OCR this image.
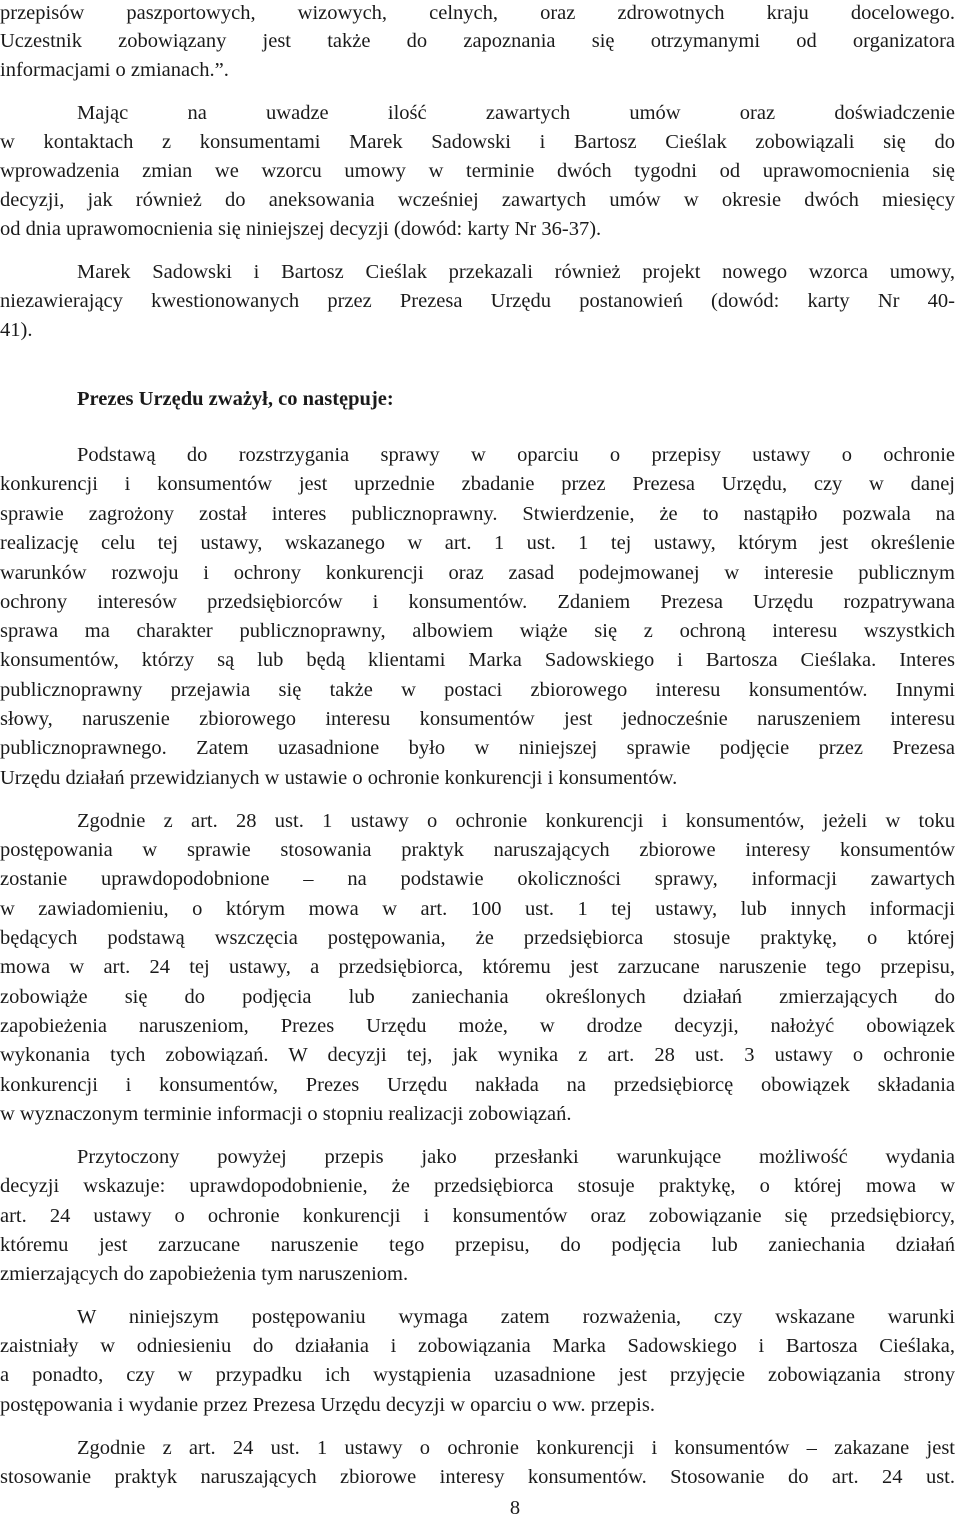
przepisów paszportowych, wizowych, celnych, oraz zdrowotnych kraju docelowego.
Uczestnik zobowiązany jest także do zapoznania się otrzymanymi od organizatora
informacjami o zmianach.”.
Mając na uwadze ilość zawartych umów oraz doświadczenie
w kontaktach z konsumentami Marek Sadowski i Bartosz Cieślak zobowiązali się do
wprowadzenia zmian we wzorcu umowy w terminie dwóch tygodni od uprawomocnienia się
decyzji, jak również do aneksowania wcześniej zawartych umów w okresie dwóch miesięcy
od dnia uprawomocnienia się niniejszej decyzji (dowód: karty Nr 36-37).
Marek Sadowski i Bartosz Cieślak przekazali również projekt nowego wzorca umowy,
niezawierający kwestionowanych przez Prezesa Urzędu postanowień (dowód: karty Nr 40-
41).
Prezes Urzędu zważył, co następuje:
Podstawą do rozstrzygania sprawy w oparciu o przepisy ustawy o ochronie
konkurencji i konsumentów jest uprzednie zbadanie przez Prezesa Urzędu, czy w danej
sprawie zagrożony został interes publicznoprawny. Stwierdzenie, że to nastąpiło pozwala na
realizację celu tej ustawy, wskazanego w art. 1 ust. 1 tej ustawy, którym jest określenie
warunków rozwoju i ochrony konkurencji oraz zasad podejmowanej w interesie publicznym
ochrony interesów przedsiębiorców i konsumentów. Zdaniem Prezesa Urzędu rozpatrywana
sprawa ma charakter publicznoprawny, albowiem wiąże się z ochroną interesu wszystkich
konsumentów, którzy są lub będą klientami Marka Sadowskiego i Bartosza Cieślaka. Interes
publicznoprawny przejawia się także w postaci zbiorowego interesu konsumentów. Innymi
słowy, naruszenie zbiorowego interesu konsumentów jest jednocześnie naruszeniem interesu
publicznoprawnego. Zatem uzasadnione było w niniejszej sprawie podjęcie przez Prezesa
Urzędu działań przewidzianych w ustawie o ochronie konkurencji i konsumentów.
Zgodnie z art. 28 ust. 1 ustawy o ochronie konkurencji i konsumentów, jeżeli w toku
postępowania w sprawie stosowania praktyk naruszających zbiorowe interesy konsumentów
zostanie uprawdopodobnione – na podstawie okoliczności sprawy, informacji zawartych
w zawiadomieniu, o którym mowa w art. 100 ust. 1 tej ustawy, lub innych informacji
będących podstawą wszczęcia postępowania, że przedsiębiorca stosuje praktykę, o której
mowa w art. 24 tej ustawy, a przedsiębiorca, któremu jest zarzucane naruszenie tego przepisu,
zobowiąże się do podjęcia lub zaniechania określonych działań zmierzających do
zapobieżenia naruszeniom, Prezes Urzędu może, w drodze decyzji, nałożyć obowiązek
wykonania tych zobowiązań. W decyzji tej, jak wynika z art. 28 ust. 3 ustawy o ochronie
konkurencji i konsumentów, Prezes Urzędu nakłada na przedsiębiorcę obowiązek składania
w wyznaczonym terminie informacji o stopniu realizacji zobowiązań.
Przytoczony powyżej przepis jako przesłanki warunkujące możliwość wydania
decyzji wskazuje: uprawdopodobnienie, że przedsiębiorca stosuje praktykę, o której mowa w
art. 24 ustawy o ochronie konkurencji i konsumentów oraz zobowiązanie się przedsiębiorcy,
któremu jest zarzucane naruszenie tego przepisu, do podjęcia lub zaniechania działań
zmierzających do zapobieżenia tym naruszeniom.
W niniejszym postępowaniu wymaga zatem rozważenia, czy wskazane warunki
zaistniały w odniesieniu do działania i zobowiązania Marka Sadowskiego i Bartosza Cieślaka,
a ponadto, czy w przypadku ich wystąpienia uzasadnione jest przyjęcie zobowiązania strony
postępowania i wydanie przez Prezesa Urzędu decyzji w oparciu o ww. przepis.
Zgodnie z art. 24 ust. 1 ustawy o ochronie konkurencji i konsumentów – zakazane jest
stosowanie praktyk naruszających zbiorowe interesy konsumentów. Stosowanie do art. 24 ust.
8
